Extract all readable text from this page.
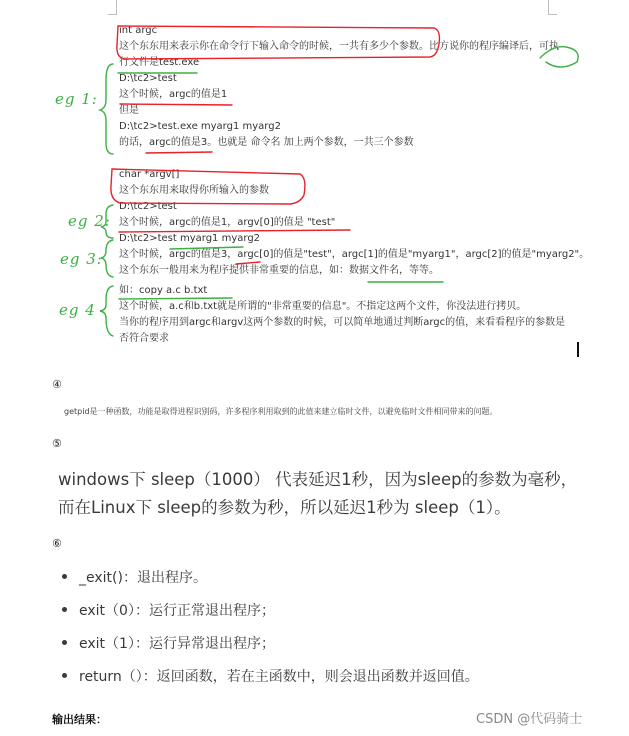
int argc
这个东东用来表示你在命令行下输入命令的时候，一共有多少个参数。比方说你的程序编译后，可执
行文件是test.exe
D:\tc2>test
这个时候，argc的值是1
但是
D:\tc2>test.exe myarg1 myarg2
的话，argc的值是3。也就是 命令名 加上两个参数，一共三个参数
char *argv[]
这个东东用来取得你所输入的参数
D:\tc2>test
这个时候，argc的值是1，argv[0]的值是 "test"
D:\tc2>test myarg1 myarg2
这个时候，argc的值是3，argc[0]的值是"test"，argc[1]的值是"myarg1"，argc[2]的值是"myarg2"。
这个东东一般用来为程序提供非常重要的信息，如：数据文件名，等等。
如：copy a.c b.txt
这个时候，a.c和b.txt就是所谓的"非常重要的信息"。不指定这两个文件，你没法进行拷贝。
当你的程序用到argc和argv这两个参数的时候，可以简单地通过判断argc的值，来看看程序的参数是
否符合要求
eg 1:
eg 2:
eg 3:
eg 4
④
getpid是一种函数，功能是取得进程识别码，许多程序利用取到的此值来建立临时文件，以避免临时文件相同带来的问题。
⑤
windows下 sleep（1000） 代表延迟1秒，因为sleep的参数为毫秒，
而在Linux下 sleep的参数为秒，所以延迟1秒为 sleep（1）。
⑥
_exit()：退出程序。
exit（0）：运行正常退出程序；
exit（1）：运行异常退出程序；
return（）：返回函数，若在主函数中，则会退出函数并返回值。
输出结果：	CSDN @代码骑士
